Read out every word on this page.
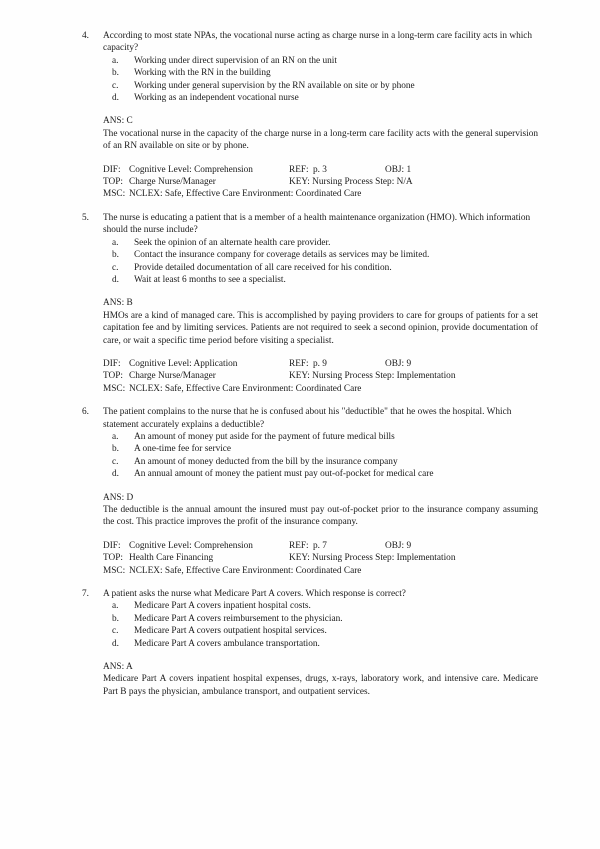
4.	According to most state NPAs, the vocational nurse acting as charge nurse in a long-term care facility acts in which capacity?
a.	Working under direct supervision of an RN on the unit
b.	Working with the RN in the building
c.	Working under general supervision by the RN available on site or by phone
d.	Working as an independent vocational nurse
ANS: C
The vocational nurse in the capacity of the charge nurse in a long-term care facility acts with the general supervision of an RN available on site or by phone.
DIF: Cognitive Level: Comprehension	REF: p. 3	OBJ: 1
TOP: Charge Nurse/Manager	KEY: Nursing Process Step: N/A
MSC: NCLEX: Safe, Effective Care Environment: Coordinated Care
5.	The nurse is educating a patient that is a member of a health maintenance organization (HMO). Which information should the nurse include?
a.	Seek the opinion of an alternate health care provider.
b.	Contact the insurance company for coverage details as services may be limited.
c.	Provide detailed documentation of all care received for his condition.
d.	Wait at least 6 months to see a specialist.
ANS: B
HMOs are a kind of managed care. This is accomplished by paying providers to care for groups of patients for a set capitation fee and by limiting services. Patients are not required to seek a second opinion, provide documentation of care, or wait a specific time period before visiting a specialist.
DIF: Cognitive Level: Application	REF: p. 9	OBJ: 9
TOP: Charge Nurse/Manager	KEY: Nursing Process Step: Implementation
MSC: NCLEX: Safe, Effective Care Environment: Coordinated Care
6.	The patient complains to the nurse that he is confused about his "deductible" that he owes the hospital. Which statement accurately explains a deductible?
a.	An amount of money put aside for the payment of future medical bills
b.	A one-time fee for service
c.	An amount of money deducted from the bill by the insurance company
d.	An annual amount of money the patient must pay out-of-pocket for medical care
ANS: D
The deductible is the annual amount the insured must pay out-of-pocket prior to the insurance company assuming the cost. This practice improves the profit of the insurance company.
DIF: Cognitive Level: Comprehension	REF: p. 7	OBJ: 9
TOP: Health Care Financing	KEY: Nursing Process Step: Implementation
MSC: NCLEX: Safe, Effective Care Environment: Coordinated Care
7.	A patient asks the nurse what Medicare Part A covers. Which response is correct?
a.	Medicare Part A covers inpatient hospital costs.
b.	Medicare Part A covers reimbursement to the physician.
c.	Medicare Part A covers outpatient hospital services.
d.	Medicare Part A covers ambulance transportation.
ANS: A
Medicare Part A covers inpatient hospital expenses, drugs, x-rays, laboratory work, and intensive care. Medicare Part B pays the physician, ambulance transport, and outpatient services.
